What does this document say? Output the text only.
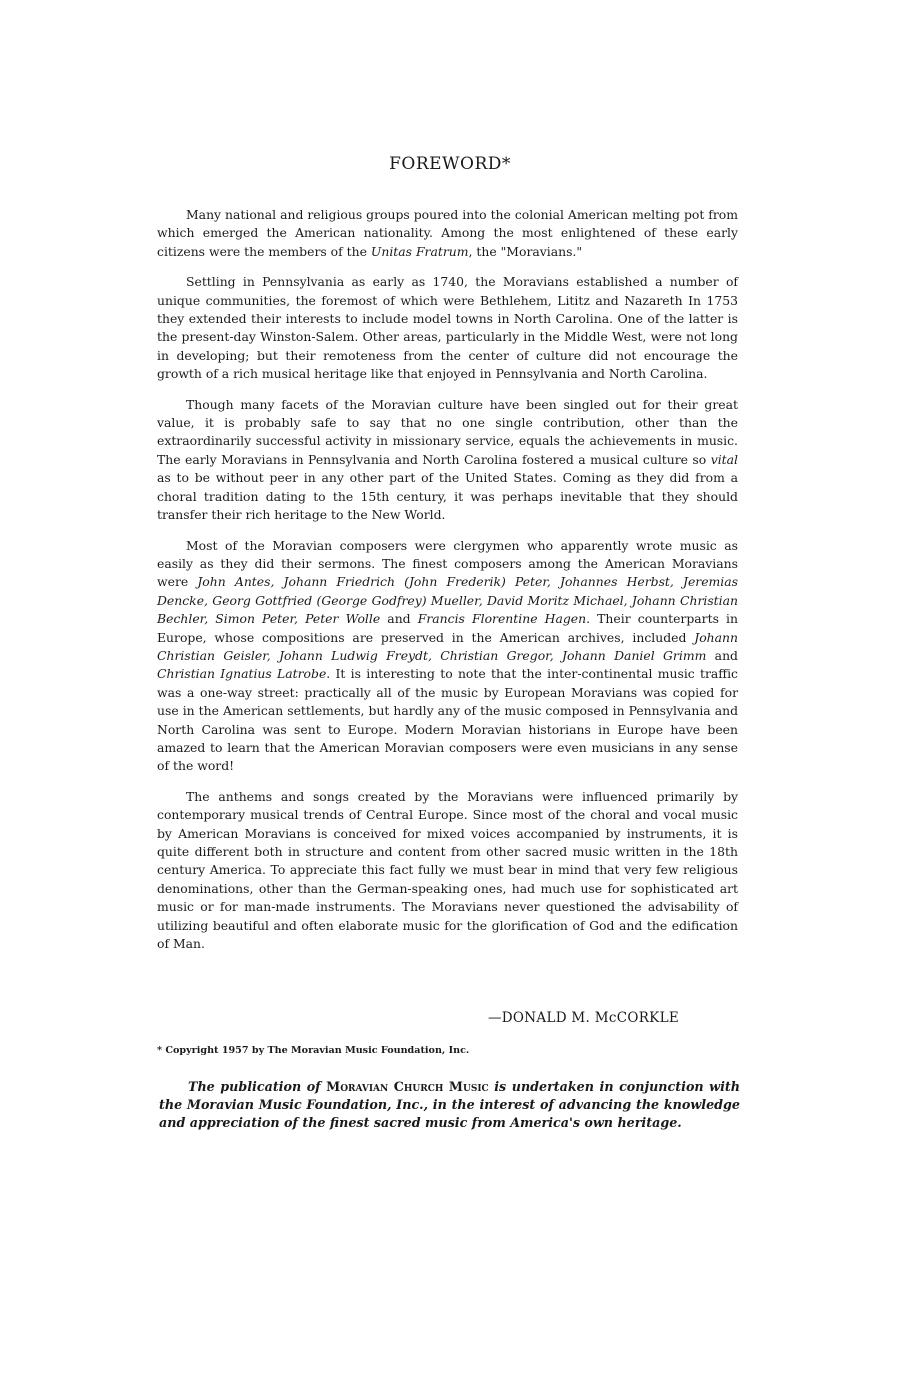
FOREWORD*

Many national and religious groups poured into the colonial American melting pot from which emerged the American nationality. Among the most enlightened of these early citizens were the members of the Unitas Fratrum, the "Moravians."

Settling in Pennsylvania as early as 1740, the Moravians established a number of unique communities, the foremost of which were Bethlehem, Lititz and Nazareth In 1753 they extended their interests to include model towns in North Carolina. One of the latter is the present-day Winston-Salem. Other areas, particularly in the Middle West, were not long in developing; but their remoteness from the center of culture did not encourage the growth of a rich musical heritage like that enjoyed in Pennsylvania and North Carolina.

Though many facets of the Moravian culture have been singled out for their great value, it is probably safe to say that no one single contribution, other than the extraordinarily successful activity in missionary service, equals the achievements in music. The early Moravians in Pennsylvania and North Carolina fostered a musical culture so vital as to be without peer in any other part of the United States. Coming as they did from a choral tradition dating to the 15th century, it was perhaps inevitable that they should transfer their rich heritage to the New World.

Most of the Moravian composers were clergymen who apparently wrote music as easily as they did their sermons. The finest composers among the American Moravians were John Antes, Johann Friedrich (John Frederik) Peter, Johannes Herbst, Jeremias Dencke, Georg Gottfried (George Godfrey) Mueller, David Moritz Michael, Johann Christian Bechler, Simon Peter, Peter Wolle and Francis Florentine Hagen. Their counterparts in Europe, whose compositions are preserved in the American archives, included Johann Christian Geisler, Johann Ludwig Freydt, Christian Gregor, Johann Daniel Grimm and Christian Ignatius Latrobe. It is interesting to note that the inter-continental music traffic was a one-way street: practically all of the music by European Moravians was copied for use in the American settlements, but hardly any of the music composed in Pennsylvania and North Carolina was sent to Europe. Modern Moravian historians in Europe have been amazed to learn that the American Moravian composers were even musicians in any sense of the word!

The anthems and songs created by the Moravians were influenced primarily by contemporary musical trends of Central Europe. Since most of the choral and vocal music by American Moravians is conceived for mixed voices accompanied by instruments, it is quite different both in structure and content from other sacred music written in the 18th century America. To appreciate this fact fully we must bear in mind that very few religious denominations, other than the German-speaking ones, had much use for sophisticated art music or for man-made instruments. The Moravians never questioned the advisability of utilizing beautiful and often elaborate music for the glorification of God and the edification of Man.

—DONALD M. McCORKLE
* Copyright 1957 by The Moravian Music Foundation, Inc.

The publication of Moravian Church Music is undertaken in conjunction with the Moravian Music Foundation, Inc., in the interest of advancing the knowledge and appreciation of the finest sacred music from America's own heritage.
